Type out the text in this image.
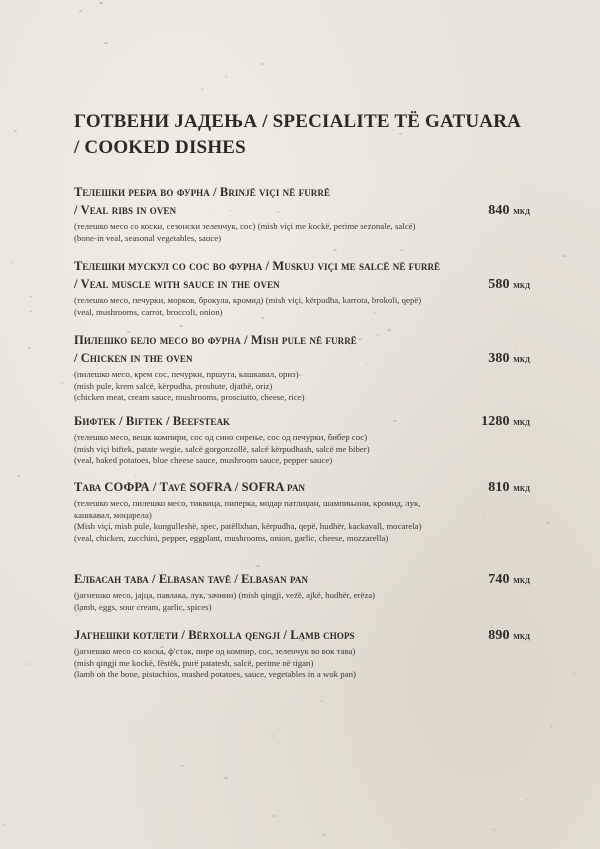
ГОТВЕНИ ЈАДЕЊА / SPECIALITE TË GATUARA
/ COOKED DISHES
Телешки ребра во фурна / Brinjë viçi në furrë
/ Veal ribs in oven	840 мкд
(телешко месо со коски, сезонски зеленчук, сос) (mish viçi me kockë, perime sezonale, salcë)
(bone-in veal, seasonal vegetables, sauce)
Телешки мускул со сос во фурна / Muskuj viçi me salcë në furrë
/ Veal muscle with sauce in the oven	580 мкд
(телешко месо, печурки, морков, брокула, кромид) (mish viçi, kërpudha, karrota, brokoli, qepë)
(veal, mushrooms, carrot, broccoli, onion)
Пилешко бело месо во фурна / Mish pule në furrë
/ Chicken in the oven	380 мкд
(пилешко месо, крем сос, печурки, пршута, кашкавал, ориз)
(mish pule, krem salcë, kërpudha, proshute, djathë, oriz)
(chicken meat, cream sauce, mushrooms, prosciutto, cheese, rice)
Бифтек / Biftek / Beefsteak	1280 мкд
(телешко месо, вешк компири, сос од сино сирење, сос од печурки, бибер сос)
(mish viçi biftek, patate wegie, salcë gorgonzollë, salcë kërpudhash, salcë me biber)
(veal, baked potatoes, blue cheese sauce, mushroom sauce, pepper sauce)
Тава СОФРА / Tavë SOFRA / SOFRA pan	810 мкд
(телешко месо, пилешко месо, тиквица, пиперка, модар патлиџан, шампињони, кромид, лук,
кашкавал, моцарела)
(Mish viçi, mish pule, kungulleshë, spec, patëllxhan, kërpudha, qepë, hudhër, kackavall, mocarela)
(veal, chicken, zucchini, pepper, eggplant, mushrooms, onion, garlic, cheese, mozzarella)
Елбасан тава / Elbasan tavë / Elbasan pan	740 мкд
(јагнешко месо, јајца, павлака, лук, зачини) (mish qingji, vezë, ajkë, hudhër, erëza)
(lamb, eggs, sour cream, garlic, spices)
Јагнешки котлети / Bërxolla qengji / Lamb chops	890 мкд
(јагнешко месо со коска, ф'стак, пире од компир, сос, зеленчук во вок тава)
(mish qingji me kockë, fëstëk, purë patatesh, salcë, perime në tigan)
(lamb on the bone, pistachios, mashed potatoes, sauce, vegetables in a wok pan)
